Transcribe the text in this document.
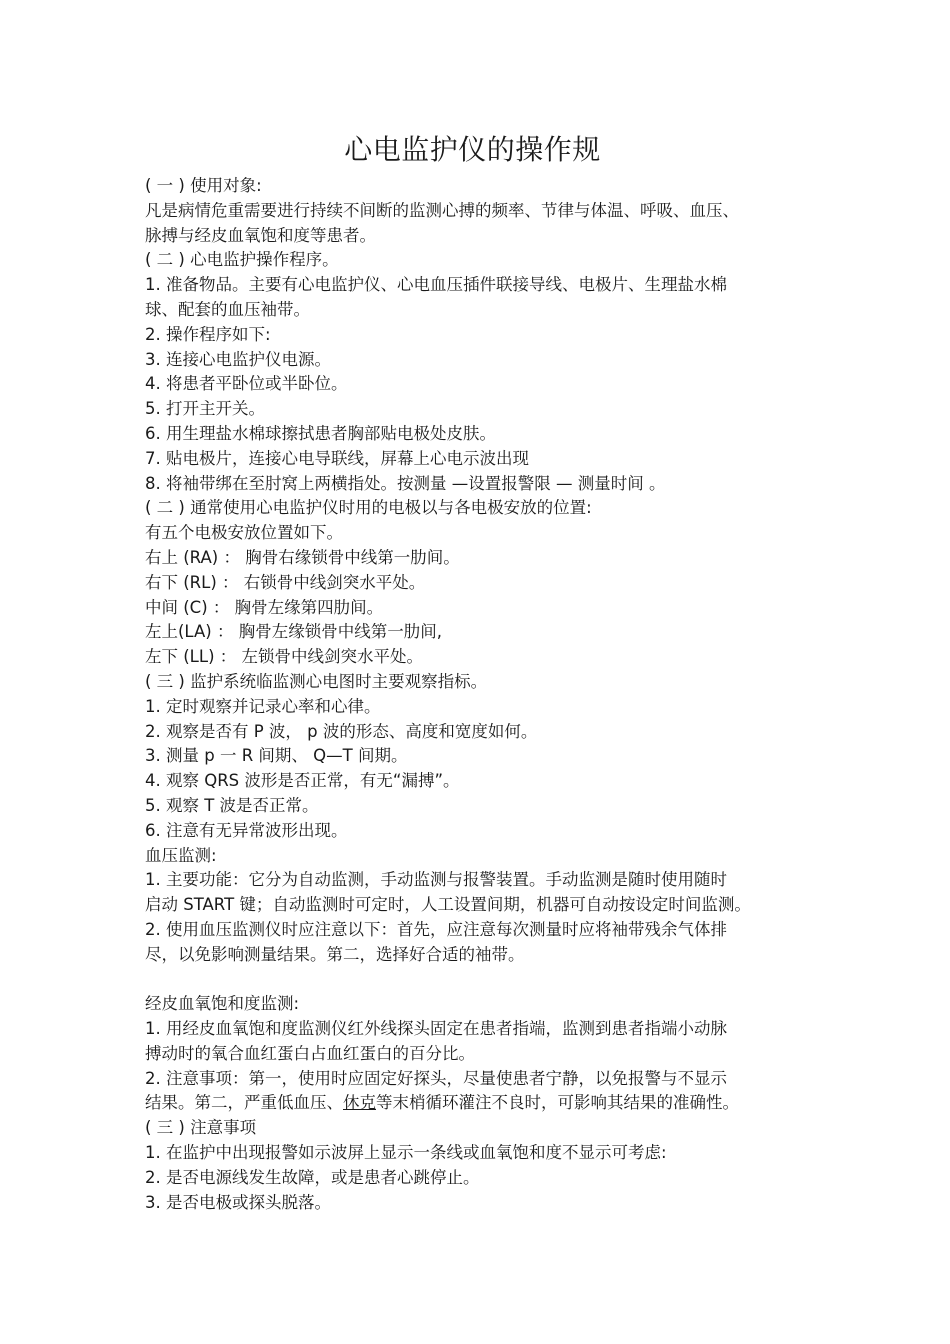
心电监护仪的操作规
( 一 ) 使用对象:
凡是病情危重需要进行持续不间断的监测心搏的频率、节律与体温、呼吸、血压、
脉搏与经皮血氧饱和度等患者。
( 二 ) 心电监护操作程序。
1. 准备物品。主要有心电监护仪、心电血压插件联接导线、电极片、生理盐水棉
球、配套的血压袖带。
2. 操作程序如下:
3. 连接心电监护仪电源。
4. 将患者平卧位或半卧位。
5. 打开主开关。
6. 用生理盐水棉球擦拭患者胸部贴电极处皮肤。
7. 贴电极片，连接心电导联线，屏幕上心电示波出现
8. 将袖带绑在至肘窝上两横指处。按测量 —设置报警限 — 测量时间 。
( 二 ) 通常使用心电监护仪时用的电极以与各电极安放的位置:
有五个电极安放位置如下。
右上 (RA) ： 胸骨右缘锁骨中线第一肋间。
右下 (RL) ： 右锁骨中线剑突水平处。
中间 (C) ： 胸骨左缘第四肋间。
左上(LA) ： 胸骨左缘锁骨中线第一肋间,
左下 (LL) ： 左锁骨中线剑突水平处。
( 三 ) 监护系统临监测心电图时主要观察指标。
1. 定时观察并记录心率和心律。
2. 观察是否有 P 波， p 波的形态、高度和宽度如何。
3. 测量 p 一 R 间期、 Q—T 间期。
4. 观察 QRS 波形是否正常，有无“漏搏”。
5. 观察 T 波是否正常。
6. 注意有无异常波形出现。
血压监测:
1. 主要功能：它分为自动监测，手动监测与报警装置。手动监测是随时使用随时
启动 START 键；自动监测时可定时，人工设置间期，机器可自动按设定时间监测。
2. 使用血压监测仪时应注意以下：首先，应注意每次测量时应将袖带残余气体排
尽，以免影响测量结果。第二，选择好合适的袖带。
经皮血氧饱和度监测:
1. 用经皮血氧饱和度监测仪红外线探头固定在患者指端，监测到患者指端小动脉
搏动时的氧合血红蛋白占血红蛋白的百分比。
2. 注意事项：第一，使用时应固定好探头，尽量使患者宁静，以免报警与不显示
结果。第二，严重低血压、休克等末梢循环灌注不良时，可影响其结果的准确性。
( 三 ) 注意事项
1. 在监护中出现报警如示波屏上显示一条线或血氧饱和度不显示可考虑:
2. 是否电源线发生故障，或是患者心跳停止。
3. 是否电极或探头脱落。
